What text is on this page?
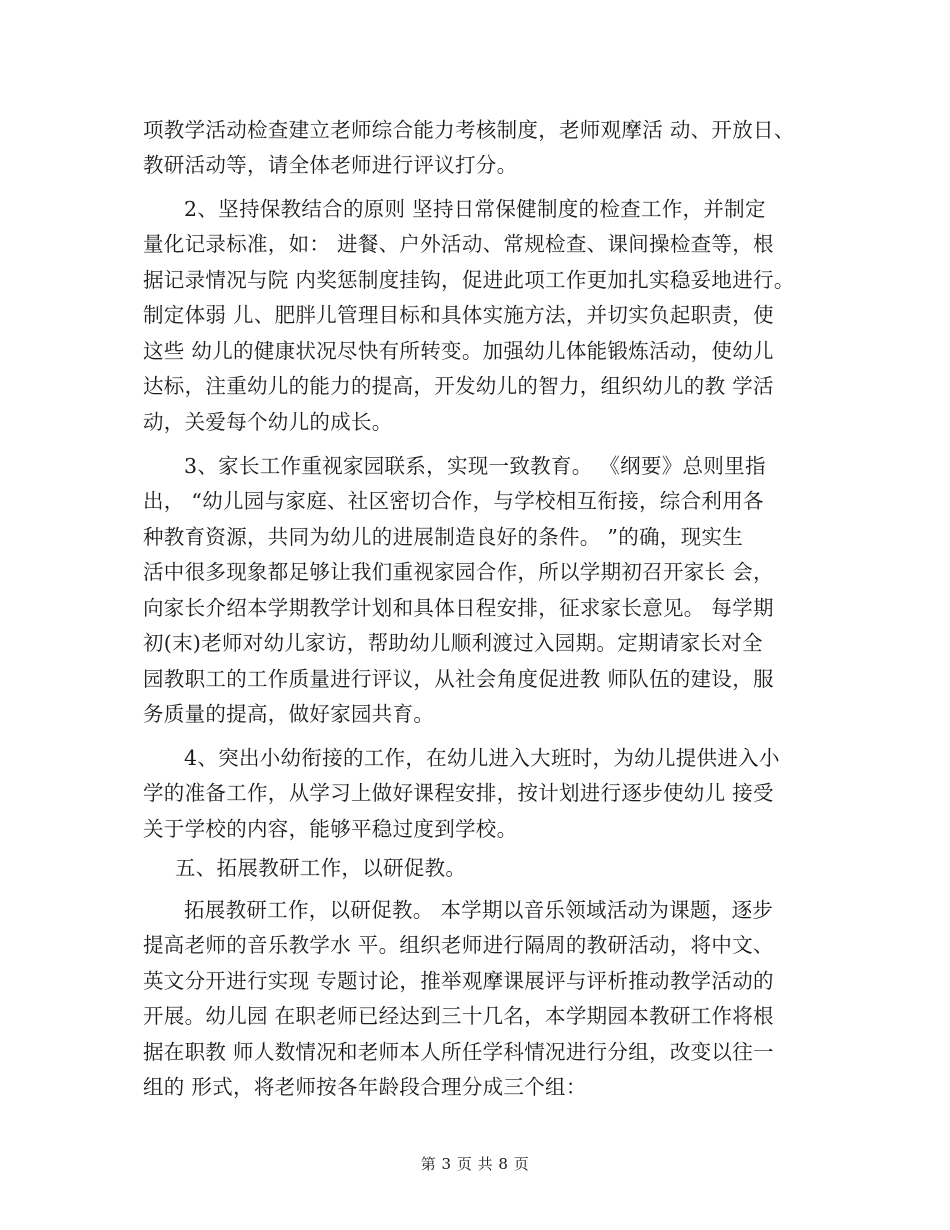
项教学活动检查建立老师综合能力考核制度，老师观摩活 动、开放日、
教研活动等，请全体老师进行评议打分。
2、坚持保教结合的原则 坚持日常保健制度的检查工作，并制定
量化记录标准，如： 进餐、户外活动、常规检查、课间操检查等，根
据记录情况与院 内奖惩制度挂钩，促进此项工作更加扎实稳妥地进行。
制定体弱 儿、肥胖儿管理目标和具体实施方法，并切实负起职责，使
这些 幼儿的健康状况尽快有所转变。加强幼儿体能锻炼活动，使幼儿
达标，注重幼儿的能力的提高，开发幼儿的智力，组织幼儿的教 学活
动，关爱每个幼儿的成长。
3、家长工作重视家园联系，实现一致教育。 《纲要》总则里指
出， “幼儿园与家庭、社区密切合作，与学校相互衔接，综合利用各
种教育资源，共同为幼儿的进展制造良好的条件。 ”的确，现实生
活中很多现象都足够让我们重视家园合作，所以学期初召开家长 会，
向家长介绍本学期教学计划和具体日程安排，征求家长意见。 每学期
初(末)老师对幼儿家访，帮助幼儿顺利渡过入园期。定期请家长对全
园教职工的工作质量进行评议，从社会角度促进教 师队伍的建设，服
务质量的提高，做好家园共育。
4、突出小幼衔接的工作，在幼儿进入大班时，为幼儿提供进入小
学的准备工作，从学习上做好课程安排，按计划进行逐步使幼儿 接受
关于学校的内容，能够平稳过度到学校。
五、拓展教研工作，以研促教。
拓展教研工作，以研促教。 本学期以音乐领域活动为课题，逐步
提高老师的音乐教学水 平。组织老师进行隔周的教研活动，将中文、
英文分开进行实现 专题讨论，推举观摩课展评与评析推动教学活动的
开展。幼儿园 在职老师已经达到三十几名，本学期园本教研工作将根
据在职教 师人数情况和老师本人所任学科情况进行分组，改变以往一
组的 形式，将老师按各年龄段合理分成三个组：
第 3 页 共 8 页
